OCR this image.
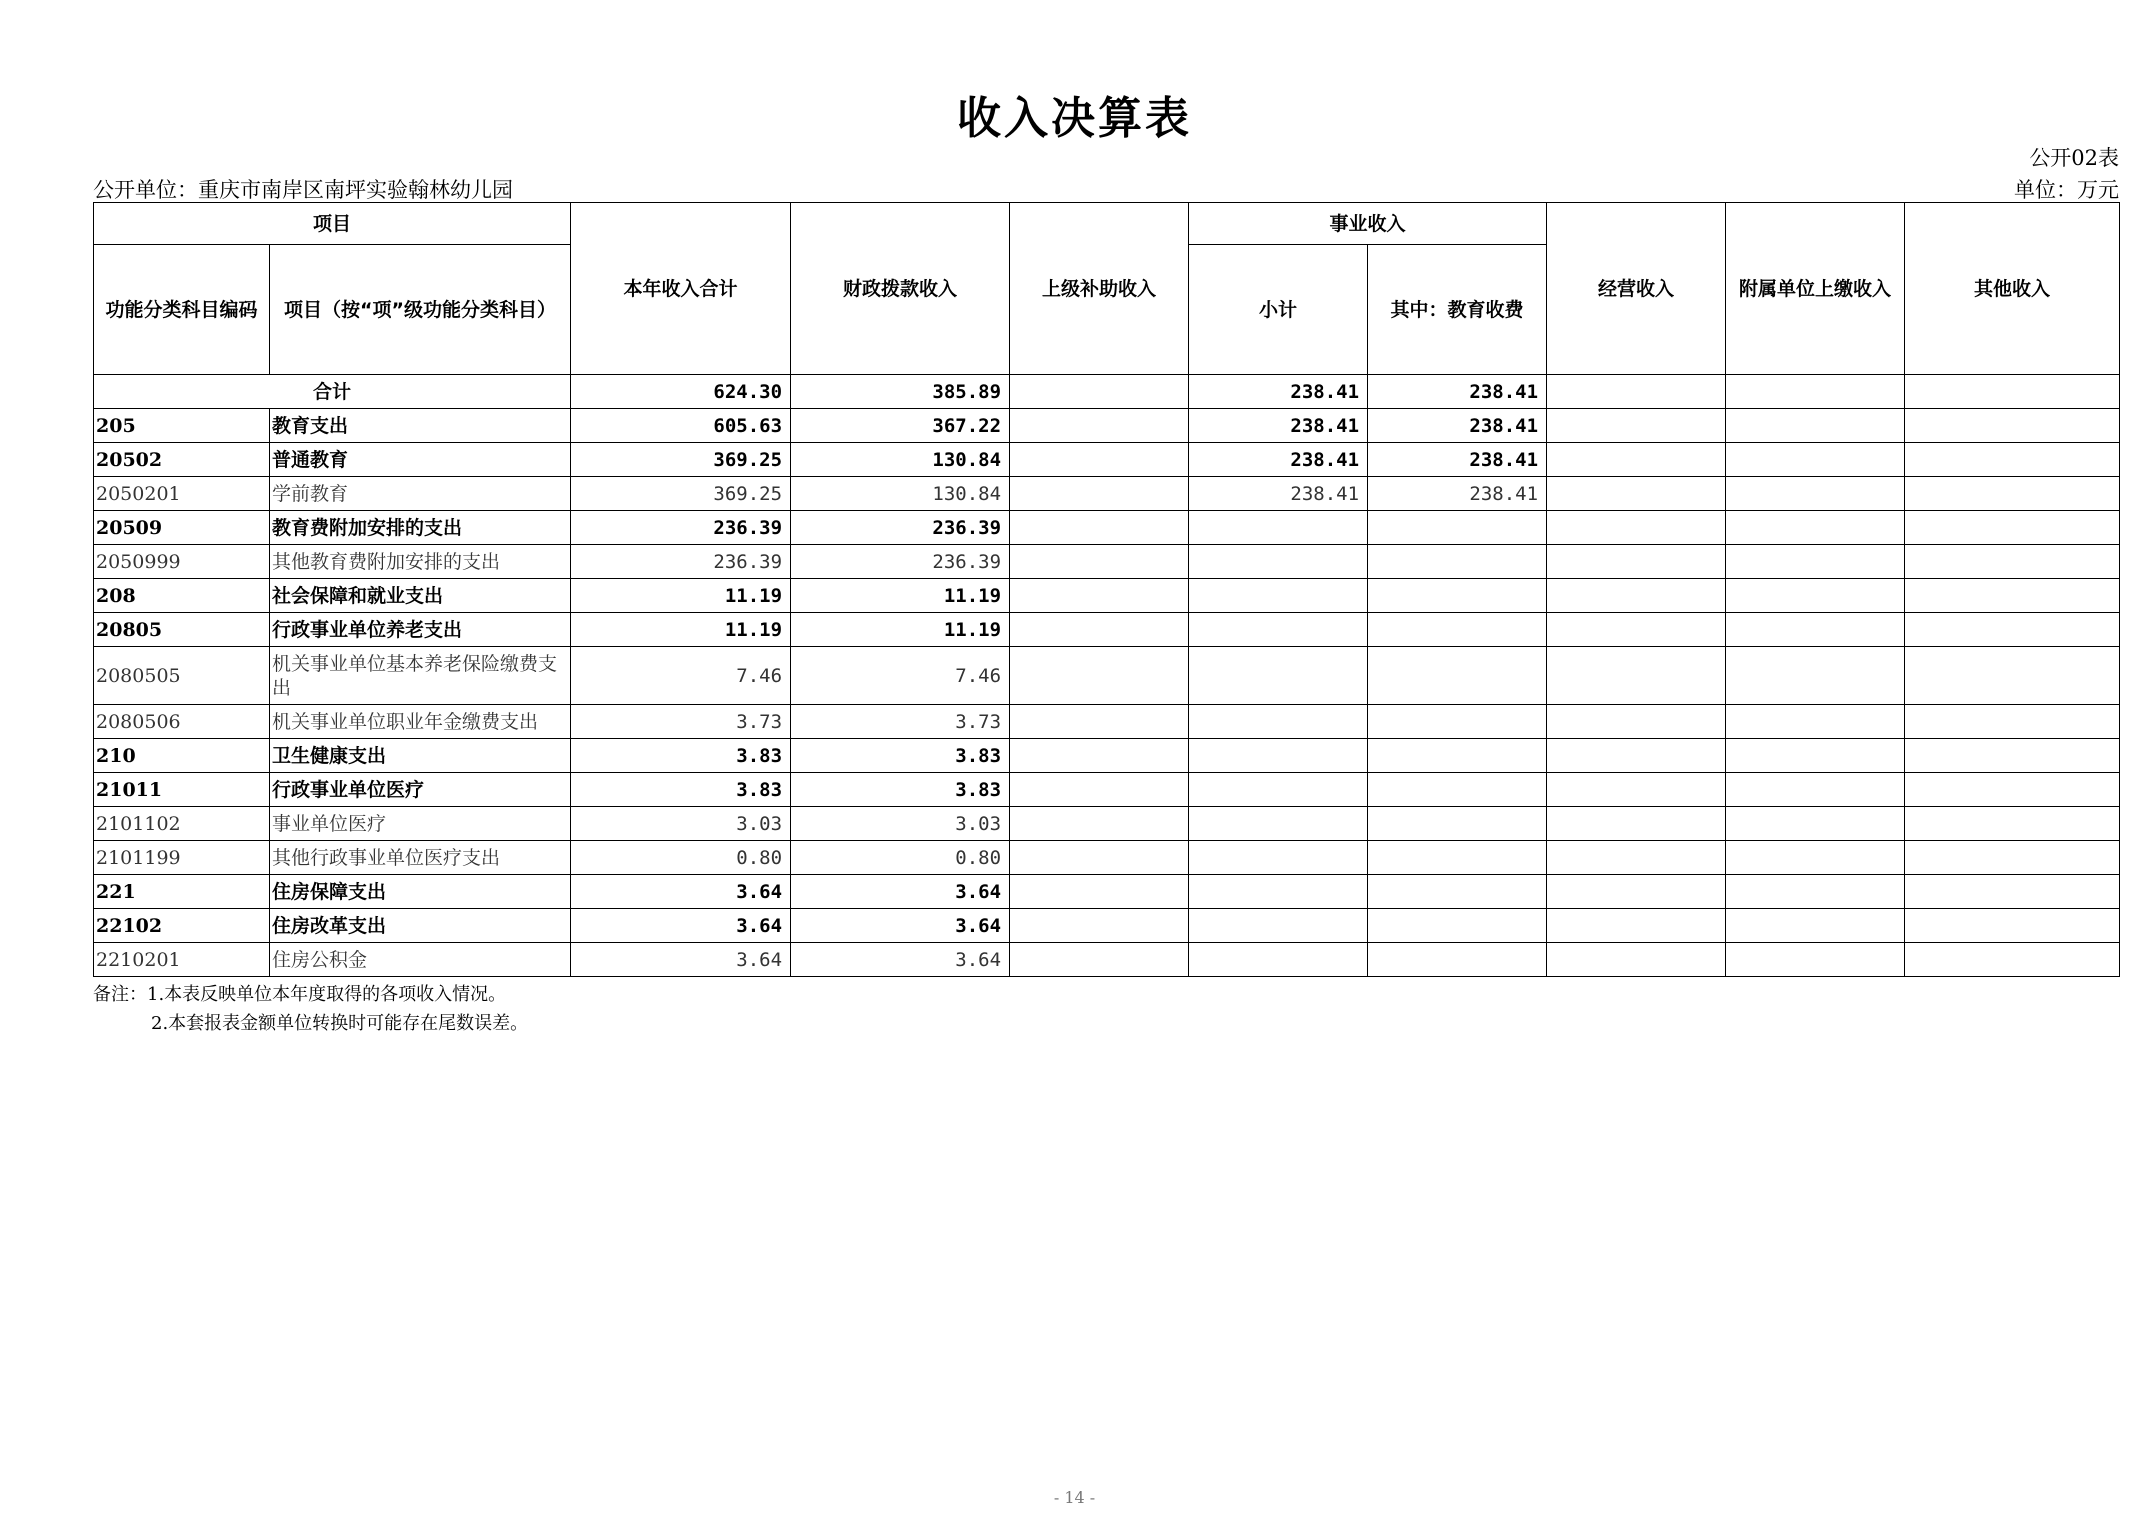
收入决算表
公开02表
公开单位：重庆市南岸区南坪实验翰林幼儿园	单位：万元
项目		本年收入合计	财政拨款收入	上级补助收入	事业收入		经营收入	附属单位上缴收入	其他收入
功能分类科目编码	项目（按“项”级功能分类科目）				小计	其中：教育收费			
合计		624.30	385.89		238.41	238.41			
205	教育支出	605.63	367.22		238.41	238.41			
20502	普通教育	369.25	130.84		238.41	238.41			
2050201	学前教育	369.25	130.84		238.41	238.41			
20509	教育费附加安排的支出	236.39	236.39						
2050999	其他教育费附加安排的支出	236.39	236.39						
208	社会保障和就业支出	11.19	11.19						
20805	行政事业单位养老支出	11.19	11.19						
2080505	机关事业单位基本养老保险缴费支出	7.46	7.46						
2080506	机关事业单位职业年金缴费支出	3.73	3.73						
210	卫生健康支出	3.83	3.83						
21011	行政事业单位医疗	3.83	3.83						
2101102	事业单位医疗	3.03	3.03						
2101199	其他行政事业单位医疗支出	0.80	0.80						
221	住房保障支出	3.64	3.64						
22102	住房改革支出	3.64	3.64						
2210201	住房公积金	3.64	3.64						
备注：1.本表反映单位本年度取得的各项收入情况。
2.本套报表金额单位转换时可能存在尾数误差。
- 14 -
